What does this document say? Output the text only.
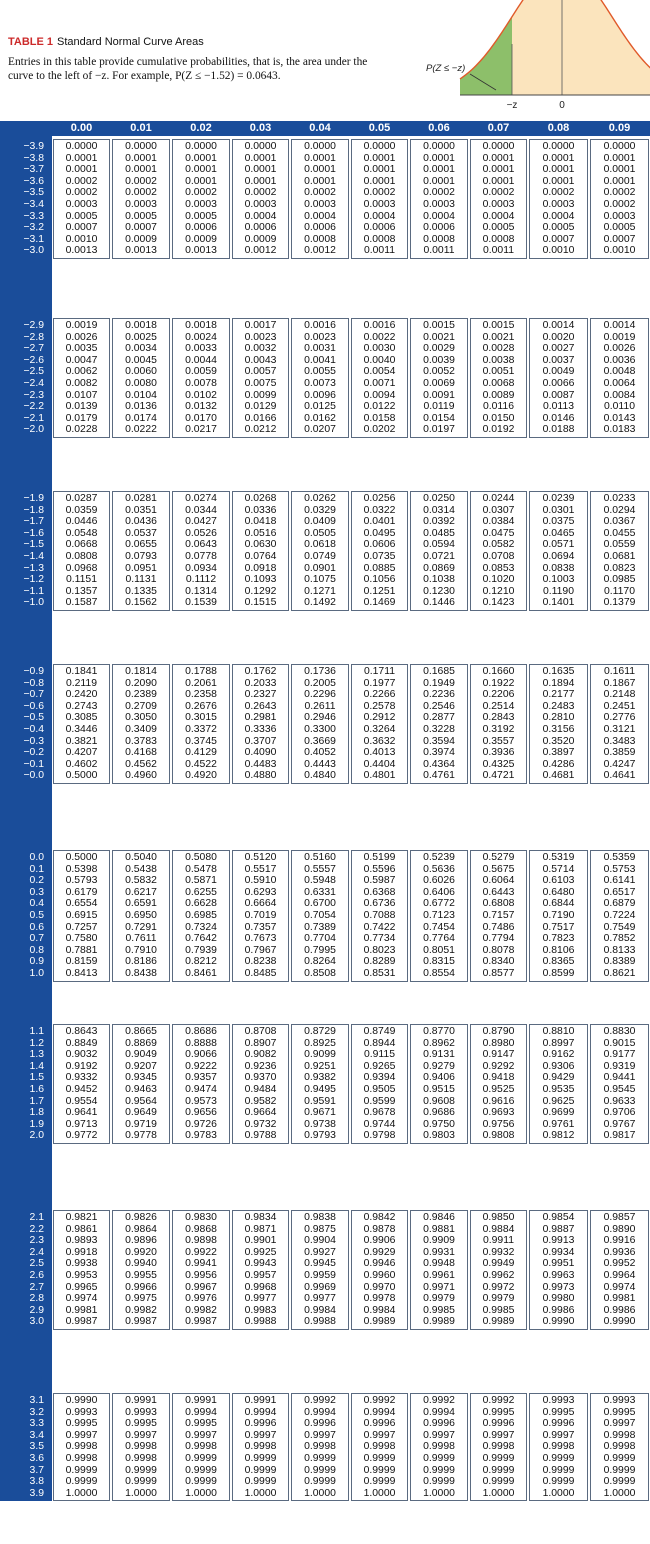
TABLE 1 Standard Normal Curve Areas
Entries in this table provide cumulative probabilities, that is, the area under the curve to the left of −z. For example, P(Z ≤ −1.52) = 0.0643.
P(Z ≤ −z)
−z	0
0.00	0.01	0.02	0.03	0.04	0.05	0.06	0.07	0.08	0.09
−3.9	0.0000	0.0000	0.0000	0.0000	0.0000	0.0000	0.0000	0.0000	0.0000	0.0000
−3.8	0.0001	0.0001	0.0001	0.0001	0.0001	0.0001	0.0001	0.0001	0.0001	0.0001
−3.7	0.0001	0.0001	0.0001	0.0001	0.0001	0.0001	0.0001	0.0001	0.0001	0.0001
−3.6	0.0002	0.0002	0.0001	0.0001	0.0001	0.0001	0.0001	0.0001	0.0001	0.0001
−3.5	0.0002	0.0002	0.0002	0.0002	0.0002	0.0002	0.0002	0.0002	0.0002	0.0002
−3.4	0.0003	0.0003	0.0003	0.0003	0.0003	0.0003	0.0003	0.0003	0.0003	0.0002
−3.3	0.0005	0.0005	0.0005	0.0004	0.0004	0.0004	0.0004	0.0004	0.0004	0.0003
−3.2	0.0007	0.0007	0.0006	0.0006	0.0006	0.0006	0.0006	0.0005	0.0005	0.0005
−3.1	0.0010	0.0009	0.0009	0.0009	0.0008	0.0008	0.0008	0.0008	0.0007	0.0007
−3.0	0.0013	0.0013	0.0013	0.0012	0.0012	0.0011	0.0011	0.0011	0.0010	0.0010
−2.9	0.0019	0.0018	0.0018	0.0017	0.0016	0.0016	0.0015	0.0015	0.0014	0.0014
−2.8	0.0026	0.0025	0.0024	0.0023	0.0023	0.0022	0.0021	0.0021	0.0020	0.0019
−2.7	0.0035	0.0034	0.0033	0.0032	0.0031	0.0030	0.0029	0.0028	0.0027	0.0026
−2.6	0.0047	0.0045	0.0044	0.0043	0.0041	0.0040	0.0039	0.0038	0.0037	0.0036
−2.5	0.0062	0.0060	0.0059	0.0057	0.0055	0.0054	0.0052	0.0051	0.0049	0.0048
−2.4	0.0082	0.0080	0.0078	0.0075	0.0073	0.0071	0.0069	0.0068	0.0066	0.0064
−2.3	0.0107	0.0104	0.0102	0.0099	0.0096	0.0094	0.0091	0.0089	0.0087	0.0084
−2.2	0.0139	0.0136	0.0132	0.0129	0.0125	0.0122	0.0119	0.0116	0.0113	0.0110
−2.1	0.0179	0.0174	0.0170	0.0166	0.0162	0.0158	0.0154	0.0150	0.0146	0.0143
−2.0	0.0228	0.0222	0.0217	0.0212	0.0207	0.0202	0.0197	0.0192	0.0188	0.0183
−1.9	0.0287	0.0281	0.0274	0.0268	0.0262	0.0256	0.0250	0.0244	0.0239	0.0233
−1.8	0.0359	0.0351	0.0344	0.0336	0.0329	0.0322	0.0314	0.0307	0.0301	0.0294
−1.7	0.0446	0.0436	0.0427	0.0418	0.0409	0.0401	0.0392	0.0384	0.0375	0.0367
−1.6	0.0548	0.0537	0.0526	0.0516	0.0505	0.0495	0.0485	0.0475	0.0465	0.0455
−1.5	0.0668	0.0655	0.0643	0.0630	0.0618	0.0606	0.0594	0.0582	0.0571	0.0559
−1.4	0.0808	0.0793	0.0778	0.0764	0.0749	0.0735	0.0721	0.0708	0.0694	0.0681
−1.3	0.0968	0.0951	0.0934	0.0918	0.0901	0.0885	0.0869	0.0853	0.0838	0.0823
−1.2	0.1151	0.1131	0.1112	0.1093	0.1075	0.1056	0.1038	0.1020	0.1003	0.0985
−1.1	0.1357	0.1335	0.1314	0.1292	0.1271	0.1251	0.1230	0.1210	0.1190	0.1170
−1.0	0.1587	0.1562	0.1539	0.1515	0.1492	0.1469	0.1446	0.1423	0.1401	0.1379
−0.9	0.1841	0.1814	0.1788	0.1762	0.1736	0.1711	0.1685	0.1660	0.1635	0.1611
−0.8	0.2119	0.2090	0.2061	0.2033	0.2005	0.1977	0.1949	0.1922	0.1894	0.1867
−0.7	0.2420	0.2389	0.2358	0.2327	0.2296	0.2266	0.2236	0.2206	0.2177	0.2148
−0.6	0.2743	0.2709	0.2676	0.2643	0.2611	0.2578	0.2546	0.2514	0.2483	0.2451
−0.5	0.3085	0.3050	0.3015	0.2981	0.2946	0.2912	0.2877	0.2843	0.2810	0.2776
−0.4	0.3446	0.3409	0.3372	0.3336	0.3300	0.3264	0.3228	0.3192	0.3156	0.3121
−0.3	0.3821	0.3783	0.3745	0.3707	0.3669	0.3632	0.3594	0.3557	0.3520	0.3483
−0.2	0.4207	0.4168	0.4129	0.4090	0.4052	0.4013	0.3974	0.3936	0.3897	0.3859
−0.1	0.4602	0.4562	0.4522	0.4483	0.4443	0.4404	0.4364	0.4325	0.4286	0.4247
−0.0	0.5000	0.4960	0.4920	0.4880	0.4840	0.4801	0.4761	0.4721	0.4681	0.4641
0.0	0.5000	0.5040	0.5080	0.5120	0.5160	0.5199	0.5239	0.5279	0.5319	0.5359
0.1	0.5398	0.5438	0.5478	0.5517	0.5557	0.5596	0.5636	0.5675	0.5714	0.5753
0.2	0.5793	0.5832	0.5871	0.5910	0.5948	0.5987	0.6026	0.6064	0.6103	0.6141
0.3	0.6179	0.6217	0.6255	0.6293	0.6331	0.6368	0.6406	0.6443	0.6480	0.6517
0.4	0.6554	0.6591	0.6628	0.6664	0.6700	0.6736	0.6772	0.6808	0.6844	0.6879
0.5	0.6915	0.6950	0.6985	0.7019	0.7054	0.7088	0.7123	0.7157	0.7190	0.7224
0.6	0.7257	0.7291	0.7324	0.7357	0.7389	0.7422	0.7454	0.7486	0.7517	0.7549
0.7	0.7580	0.7611	0.7642	0.7673	0.7704	0.7734	0.7764	0.7794	0.7823	0.7852
0.8	0.7881	0.7910	0.7939	0.7967	0.7995	0.8023	0.8051	0.8078	0.8106	0.8133
0.9	0.8159	0.8186	0.8212	0.8238	0.8264	0.8289	0.8315	0.8340	0.8365	0.8389
1.0	0.8413	0.8438	0.8461	0.8485	0.8508	0.8531	0.8554	0.8577	0.8599	0.8621
1.1	0.8643	0.8665	0.8686	0.8708	0.8729	0.8749	0.8770	0.8790	0.8810	0.8830
1.2	0.8849	0.8869	0.8888	0.8907	0.8925	0.8944	0.8962	0.8980	0.8997	0.9015
1.3	0.9032	0.9049	0.9066	0.9082	0.9099	0.9115	0.9131	0.9147	0.9162	0.9177
1.4	0.9192	0.9207	0.9222	0.9236	0.9251	0.9265	0.9279	0.9292	0.9306	0.9319
1.5	0.9332	0.9345	0.9357	0.9370	0.9382	0.9394	0.9406	0.9418	0.9429	0.9441
1.6	0.9452	0.9463	0.9474	0.9484	0.9495	0.9505	0.9515	0.9525	0.9535	0.9545
1.7	0.9554	0.9564	0.9573	0.9582	0.9591	0.9599	0.9608	0.9616	0.9625	0.9633
1.8	0.9641	0.9649	0.9656	0.9664	0.9671	0.9678	0.9686	0.9693	0.9699	0.9706
1.9	0.9713	0.9719	0.9726	0.9732	0.9738	0.9744	0.9750	0.9756	0.9761	0.9767
2.0	0.9772	0.9778	0.9783	0.9788	0.9793	0.9798	0.9803	0.9808	0.9812	0.9817
2.1	0.9821	0.9826	0.9830	0.9834	0.9838	0.9842	0.9846	0.9850	0.9854	0.9857
2.2	0.9861	0.9864	0.9868	0.9871	0.9875	0.9878	0.9881	0.9884	0.9887	0.9890
2.3	0.9893	0.9896	0.9898	0.9901	0.9904	0.9906	0.9909	0.9911	0.9913	0.9916
2.4	0.9918	0.9920	0.9922	0.9925	0.9927	0.9929	0.9931	0.9932	0.9934	0.9936
2.5	0.9938	0.9940	0.9941	0.9943	0.9945	0.9946	0.9948	0.9949	0.9951	0.9952
2.6	0.9953	0.9955	0.9956	0.9957	0.9959	0.9960	0.9961	0.9962	0.9963	0.9964
2.7	0.9965	0.9966	0.9967	0.9968	0.9969	0.9970	0.9971	0.9972	0.9973	0.9974
2.8	0.9974	0.9975	0.9976	0.9977	0.9977	0.9978	0.9979	0.9979	0.9980	0.9981
2.9	0.9981	0.9982	0.9982	0.9983	0.9984	0.9984	0.9985	0.9985	0.9986	0.9986
3.0	0.9987	0.9987	0.9987	0.9988	0.9988	0.9989	0.9989	0.9989	0.9990	0.9990
3.1	0.9990	0.9991	0.9991	0.9991	0.9992	0.9992	0.9992	0.9992	0.9993	0.9993
3.2	0.9993	0.9993	0.9994	0.9994	0.9994	0.9994	0.9994	0.9995	0.9995	0.9995
3.3	0.9995	0.9995	0.9995	0.9996	0.9996	0.9996	0.9996	0.9996	0.9996	0.9997
3.4	0.9997	0.9997	0.9997	0.9997	0.9997	0.9997	0.9997	0.9997	0.9997	0.9998
3.5	0.9998	0.9998	0.9998	0.9998	0.9998	0.9998	0.9998	0.9998	0.9998	0.9998
3.6	0.9998	0.9998	0.9999	0.9999	0.9999	0.9999	0.9999	0.9999	0.9999	0.9999
3.7	0.9999	0.9999	0.9999	0.9999	0.9999	0.9999	0.9999	0.9999	0.9999	0.9999
3.8	0.9999	0.9999	0.9999	0.9999	0.9999	0.9999	0.9999	0.9999	0.9999	0.9999
3.9	1.0000	1.0000	1.0000	1.0000	1.0000	1.0000	1.0000	1.0000	1.0000	1.0000
